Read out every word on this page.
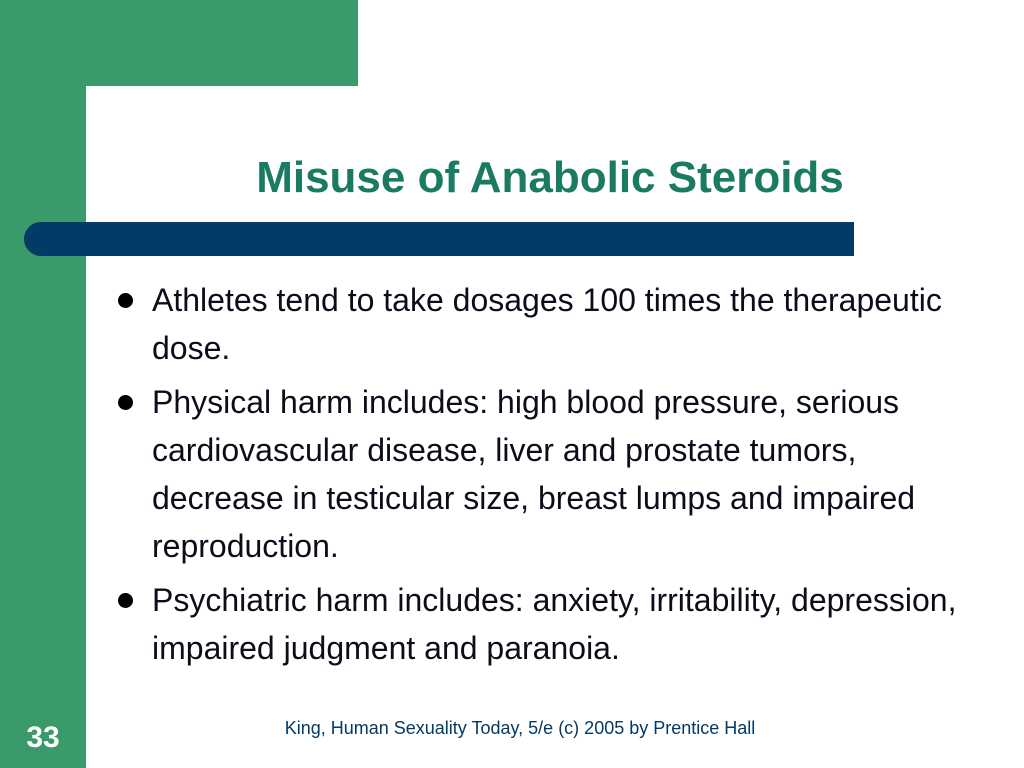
Misuse of Anabolic Steroids
Athletes tend to take dosages 100 times the therapeutic dose.
Physical harm includes: high blood pressure, serious cardiovascular disease, liver and prostate tumors, decrease in testicular size, breast lumps and impaired reproduction.
Psychiatric harm includes: anxiety, irritability, depression, impaired judgment and paranoia.
33	King, Human Sexuality Today, 5/e (c) 2005 by Prentice Hall
